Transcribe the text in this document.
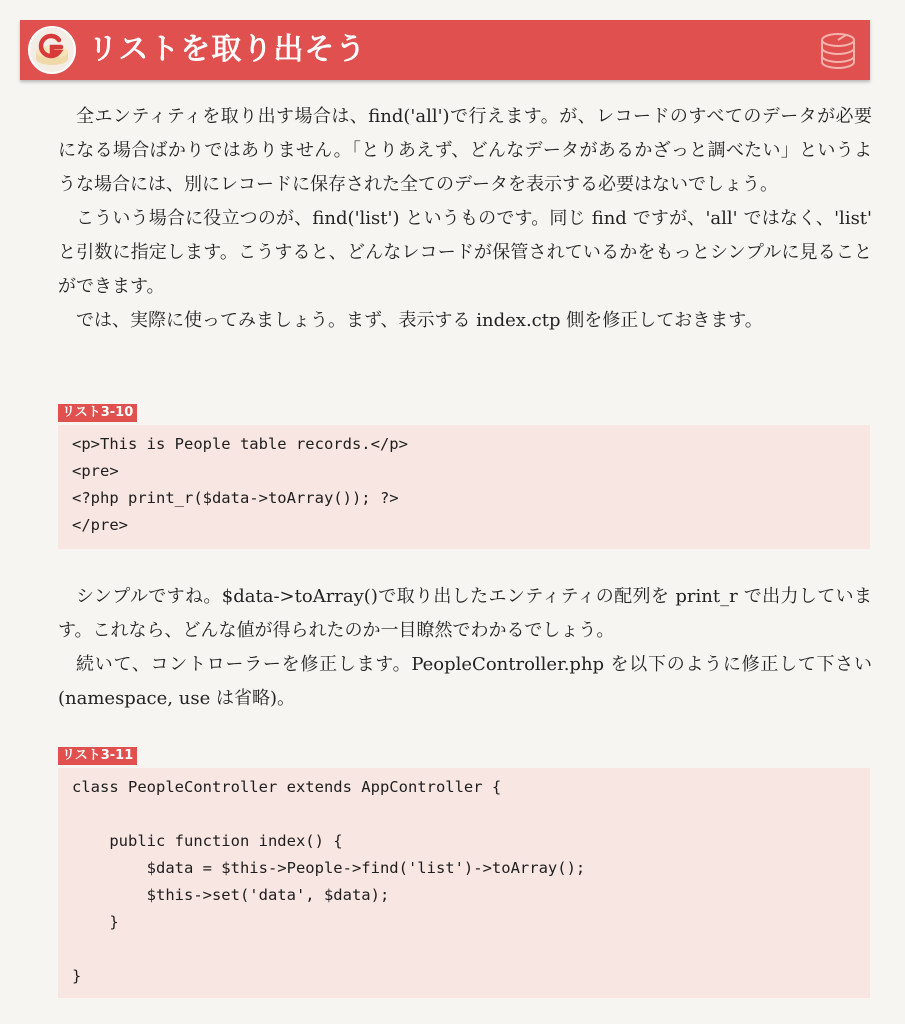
リストを取り出そう

全エンティティを取り出す場合は、find('all')で行えます。が、レコードのすべてのデータが必要になる場合ばかりではありません。「とりあえず、どんなデータがあるかざっと調べたい」というような場合には、別にレコードに保存された全てのデータを表示する必要はないでしょう。

こういう場合に役立つのが、find('list') というものです。同じ find ですが、'all' ではなく、'list' と引数に指定します。こうすると、どんなレコードが保管されているかをもっとシンプルに見ることができます。

では、実際に使ってみましょう。まず、表示する index.ctp 側を修正しておきます。

リスト3-10
<p>This is People table records.</p>
<pre>
<?php print_r($data->toArray()); ?>
</pre>

シンプルですね。$data->toArray()で取り出したエンティティの配列を print_r で出力しています。これなら、どんな値が得られたのか一目瞭然でわかるでしょう。

続いて、コントローラーを修正します。PeopleController.php を以下のように修正して下さい(namespace, use は省略)。

リスト3-11
class PeopleController extends AppController {
public function index() {
$data = $this->People->find('list')->toArray();
$this->set('data', $data);
}
}
